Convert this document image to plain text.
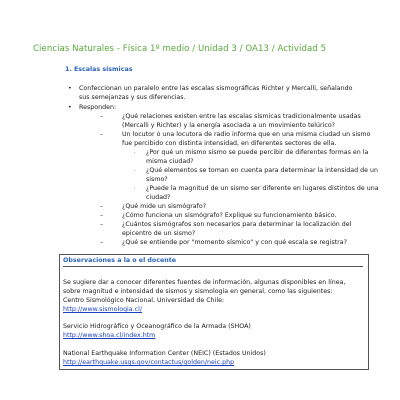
Ciencias Naturales - Física 1º medio / Unidad 3 / OA13 / Actividad 5
1. Escalas sísmicas
• Confeccionan un paralelo entre las escalas sismográficas Richter y Mercalli, señalando
sus semejanzas y sus diferencias.
• Responden:
–	¿Qué relaciones existen entre las escalas sísmicas tradicionalmente usadas
(Mercalli y Richter) y la energía asociada a un movimiento telúrico?
–	Un locutor o una locutora de radio informa que en una misma ciudad un sismo
fue percibido con distinta intensidad, en diferentes sectores de ella.
· ¿Por qué un mismo sismo se puede percibir de diferentes formas en la
misma ciudad?
· ¿Qué elementos se toman en cuenta para determinar la intensidad de un
sismo?
· ¿Puede la magnitud de un sismo ser diferente en lugares distintos de una
ciudad?
–	¿Qué mide un sismógrafo?
–	¿Cómo funciona un sismógrafo? Explique su funcionamiento básico.
–	¿Cuántos sismógrafos son necesarios para determinar la localización del
epicentro de un sismo?
–	¿Qué se entiende por "momento sísmico" y con qué escala se registra?
Observaciones a la o el docente
Se sugiere dar a conocer diferentes fuentes de información, algunas disponibles en línea,
sobre magnitud e intensidad de sismos y sismología en general, como las siguientes:
Centro Sismológico Nacional, Universidad de Chile:
http://www.sismologia.cl/
Servicio Hidrográfico y Oceanográfico de la Armada (SHOA)
http://www.shoa.cl/index.htm
National Earthquake Information Center (NEIC) (Estados Unidos)
http://earthquake.usgs.gov/contactus/golden/neic.php
